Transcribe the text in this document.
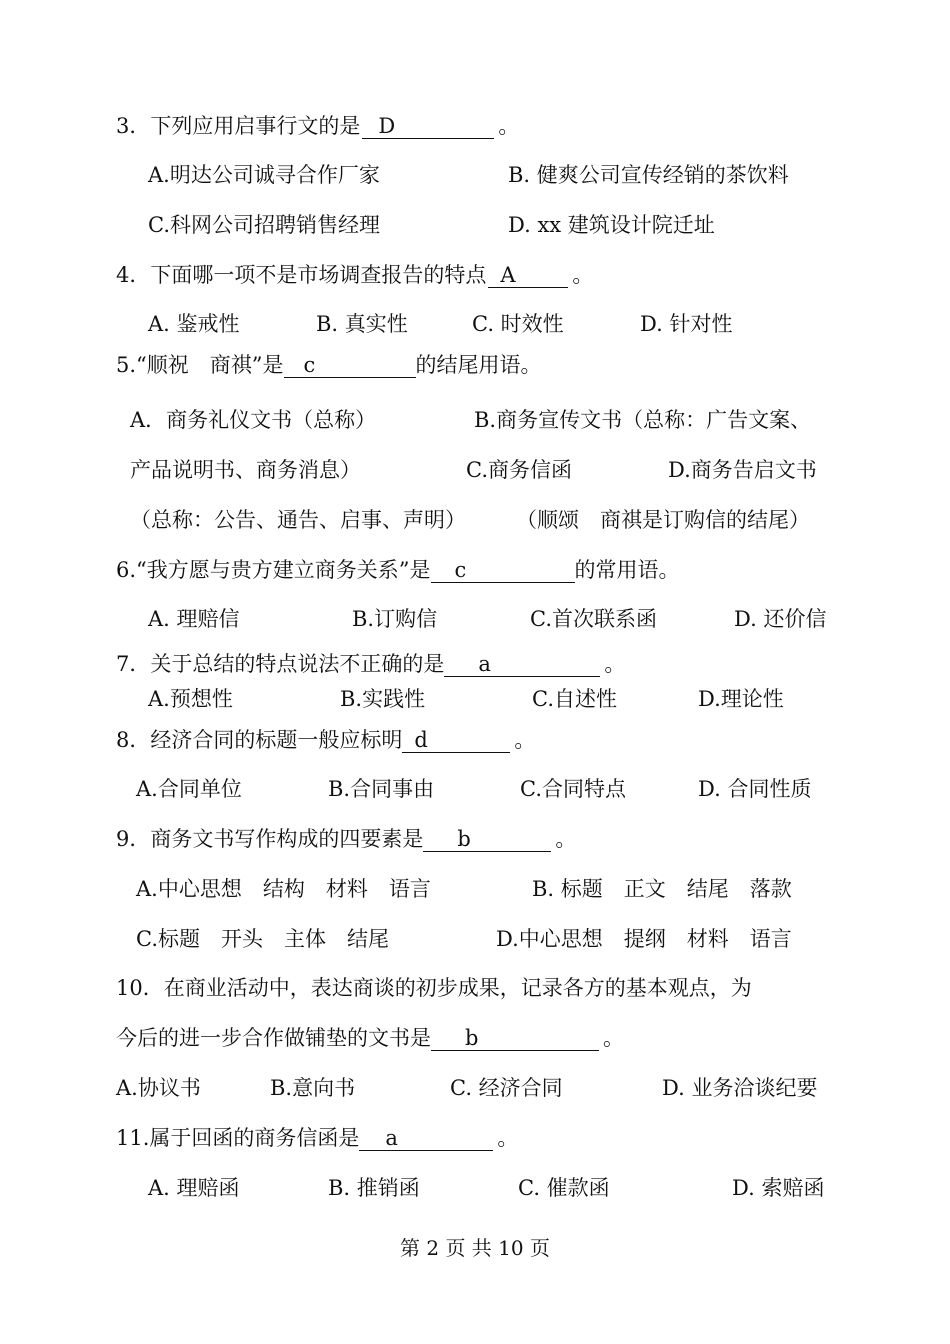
3．下列应用启事行文的是 D	。
A.明达公司诚寻合作厂家	B. 健爽公司宣传经销的茶饮料
C.科网公司招聘销售经理	D. xx 建筑设计院迁址
4．下面哪一项不是市场调查报告的特点 A	。
A. 鉴戒性	B. 真实性	C. 时效性	D. 针对性
5.“顺祝　商祺”是 c	的结尾用语。
A．商务礼仪文书（总称）	B.商务宣传文书（总称：广告文案、
产品说明书、商务消息）	C.商务信函	D.商务告启文书
（总称：公告、通告、启事、声明） （顺颂　商祺是订购信的结尾）
6.“我方愿与贵方建立商务关系”是 c	的常用语。
A. 理赔信	B.订购信	C.首次联系函	D. 还价信
7．关于总结的特点说法不正确的是 a	。
A.预想性	B.实践性	C.自述性	D.理论性
8．经济合同的标题一般应标明 d	。
A.合同单位	B.合同事由	C.合同特点	D. 合同性质
9．商务文书写作构成的四要素是 b	。
A.中心思想　结构　材料　语言	B. 标题　正文　结尾　落款
C.标题　开头　主体　结尾	D.中心思想　提纲　材料　语言
10．在商业活动中，表达商谈的初步成果，记录各方的基本观点，为
今后的进一步合作做铺垫的文书是 b	。
A.协议书	B.意向书	C. 经济合同	D. 业务洽谈纪要
11.属于回函的商务信函是 a	。
A. 理赔函	B. 推销函	C. 催款函	D. 索赔函
第 2 页 共 10 页
